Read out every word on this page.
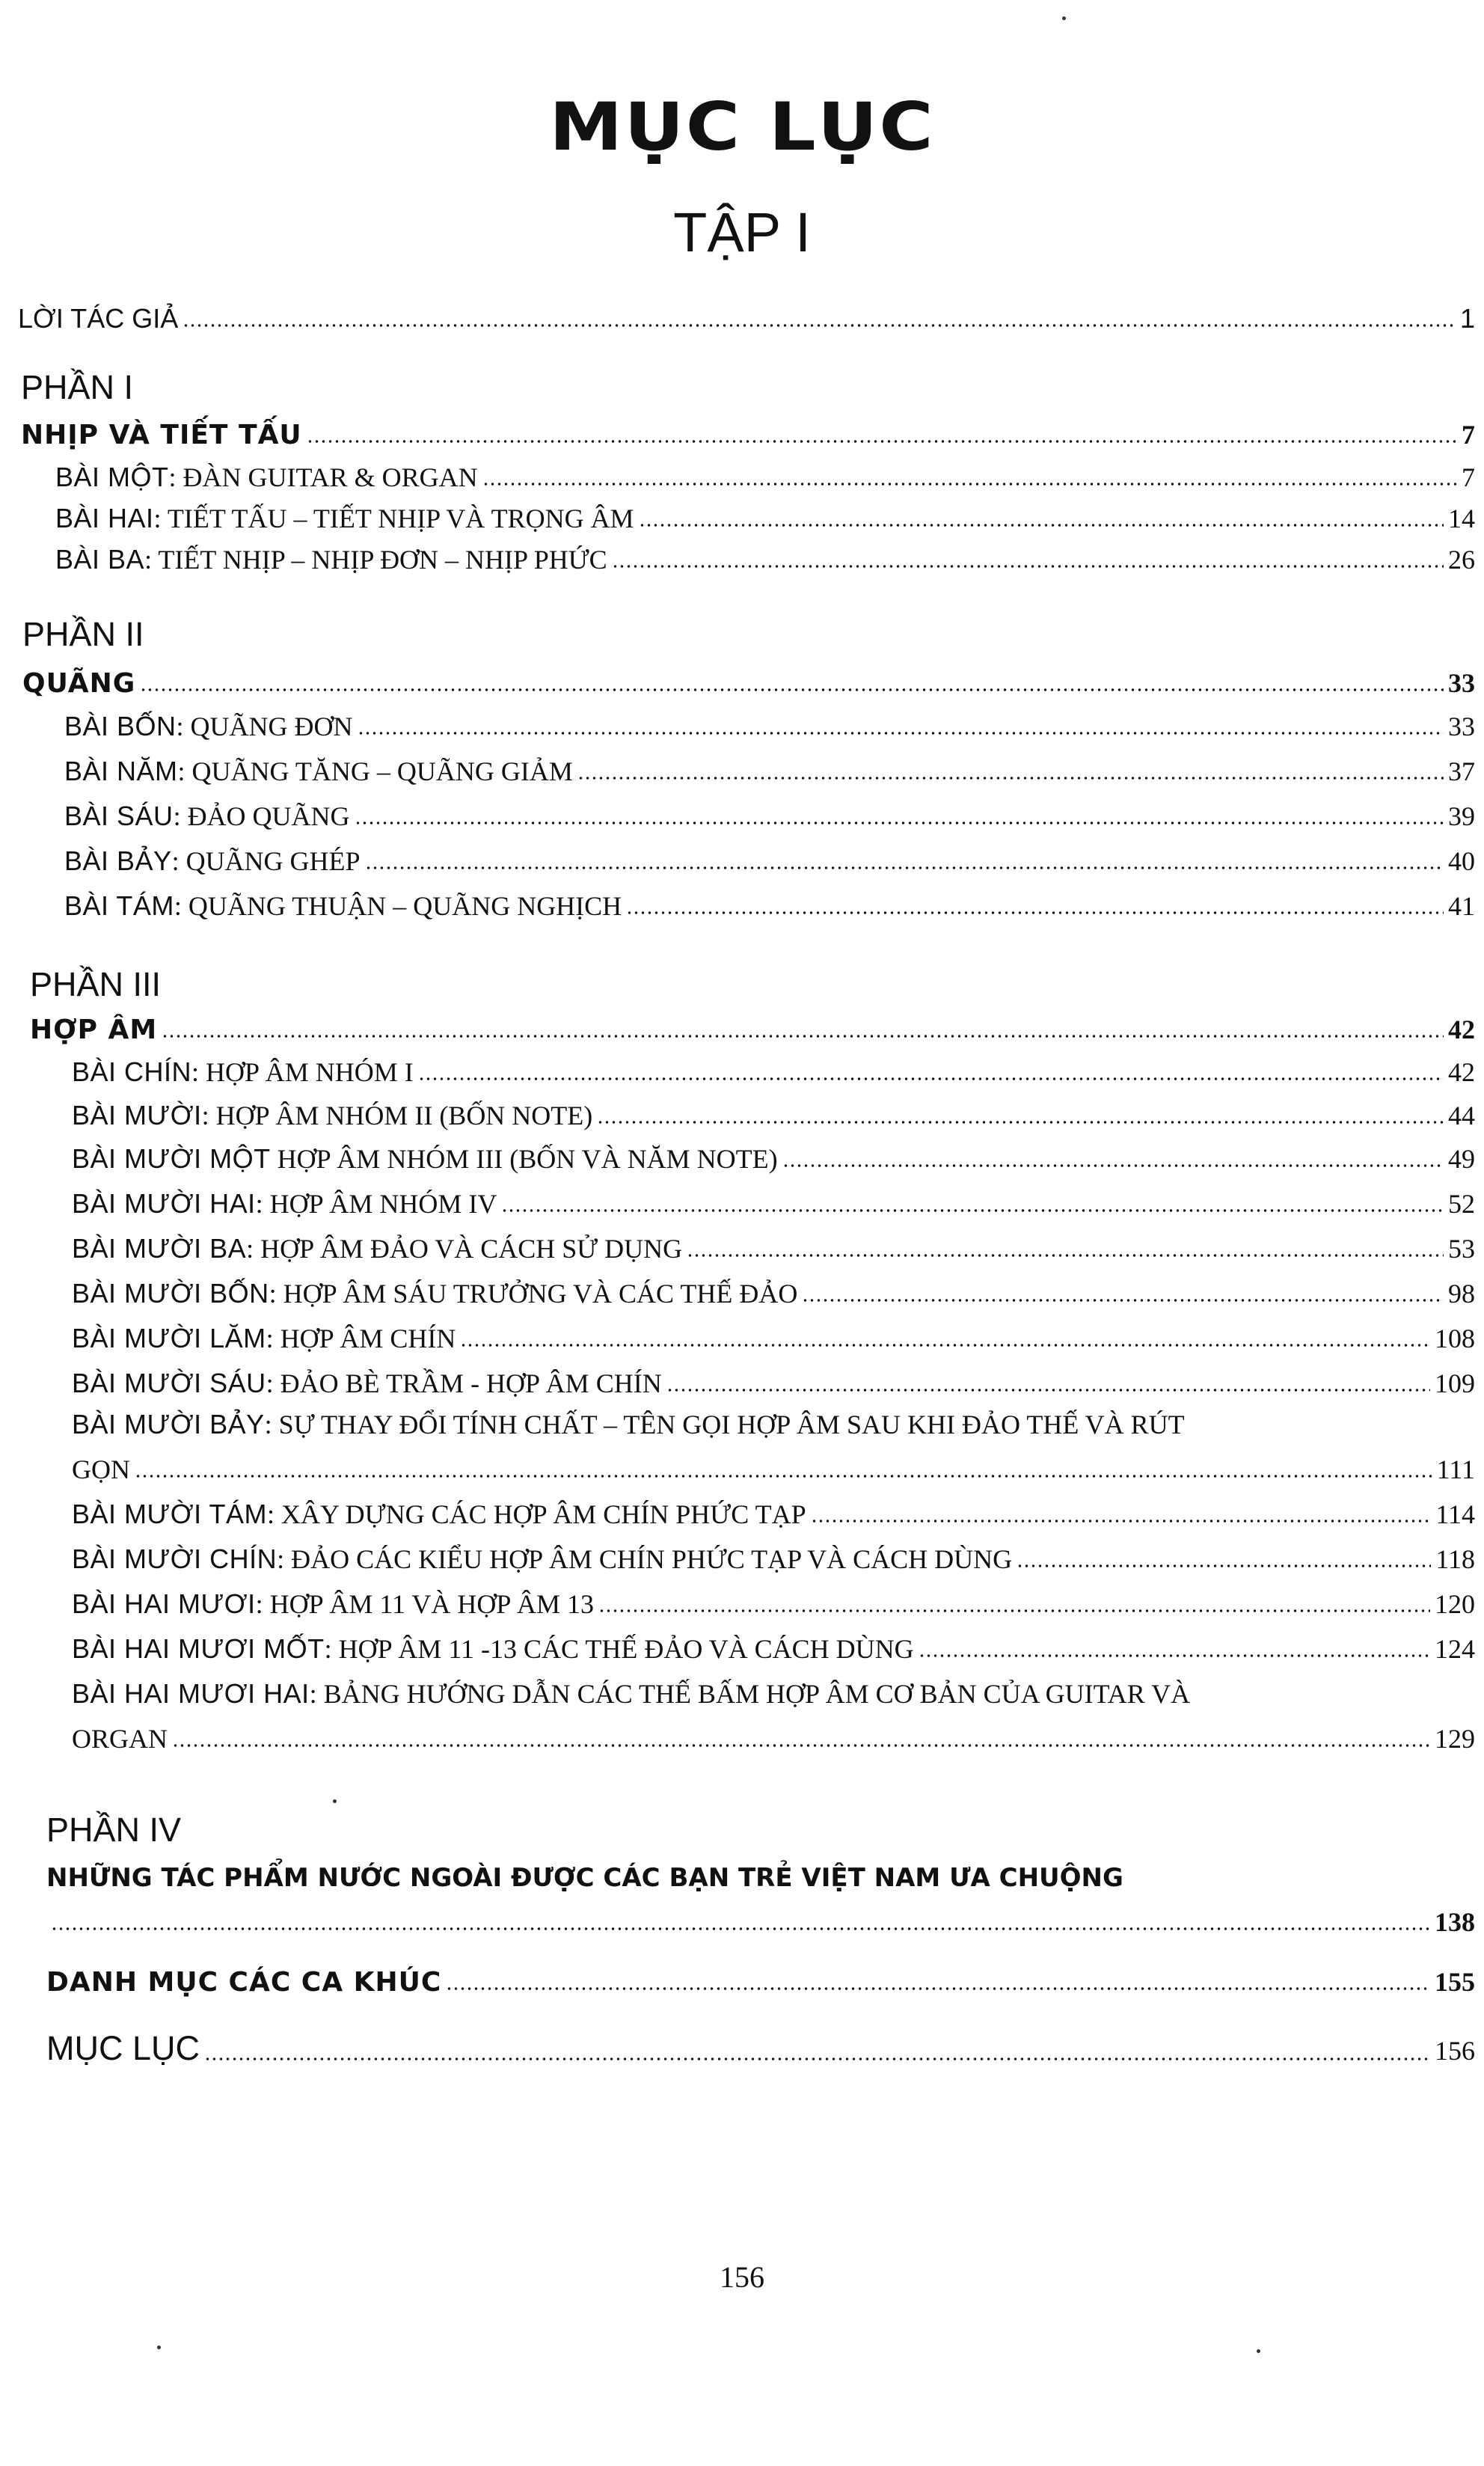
MỤC LỤC
TẬP I
LỜI TÁC GIẢ	1
PHẦN I
NHỊP VÀ TIẾT TẤU	7
BÀI MỘT: ĐÀN GUITAR & ORGAN	7
BÀI HAI: TIẾT TẤU – TIẾT NHỊP VÀ TRỌNG ÂM	14
BÀI BA: TIẾT NHỊP – NHỊP ĐƠN – NHỊP PHỨC	26
PHẦN II
QUÃNG	33
BÀI BỐN: QUÃNG ĐƠN	33
BÀI NĂM: QUÃNG TĂNG – QUÃNG GIẢM	37
BÀI SÁU: ĐẢO QUÃNG	39
BÀI BẢY: QUÃNG GHÉP	40
BÀI TÁM: QUÃNG THUẬN – QUÃNG NGHỊCH	41
PHẦN III
HỢP ÂM	42
BÀI CHÍN: HỢP ÂM NHÓM I	42
BÀI MƯỜI: HỢP ÂM NHÓM II (BỐN NOTE)	44
BÀI MƯỜI MỘT HỢP ÂM NHÓM III (BỐN VÀ NĂM NOTE)	49
BÀI MƯỜI HAI: HỢP ÂM NHÓM IV	52
BÀI MƯỜI BA: HỢP ÂM ĐẢO VÀ CÁCH SỬ DỤNG	53
BÀI MƯỜI BỐN: HỢP ÂM SÁU TRƯỞNG VÀ CÁC THẾ ĐẢO	98
BÀI MƯỜI LĂM: HỢP ÂM CHÍN	108
BÀI MƯỜI SÁU: ĐẢO BÈ TRẦM - HỢP ÂM CHÍN	109
BÀI MƯỜI BẢY: SỰ THAY ĐỔI TÍNH CHẤT – TÊN GỌI HỢP ÂM SAU KHI ĐẢO THẾ VÀ RÚT
GỌN	111
BÀI MƯỜI TÁM: XÂY DỰNG CÁC HỢP ÂM CHÍN PHỨC TẠP	114
BÀI MƯỜI CHÍN: ĐẢO CÁC KIỂU HỢP ÂM CHÍN PHỨC TẠP VÀ CÁCH DÙNG	118
BÀI HAI MƯƠI: HỢP ÂM 11 VÀ HỢP ÂM 13	120
BÀI HAI MƯƠI MỐT: HỢP ÂM 11 -13 CÁC THẾ ĐẢO VÀ CÁCH DÙNG	124
BÀI HAI MƯƠI HAI: BẢNG HƯỚNG DẪN CÁC THẾ BẤM HỢP ÂM CƠ BẢN CỦA GUITAR VÀ
ORGAN	129
PHẦN IV
NHỮNG TÁC PHẨM NƯỚC NGOÀI ĐƯỢC CÁC BẠN TRẺ VIỆT NAM ƯA CHUỘNG
138
DANH MỤC CÁC CA KHÚC	155
MỤC LỤC	156
156
